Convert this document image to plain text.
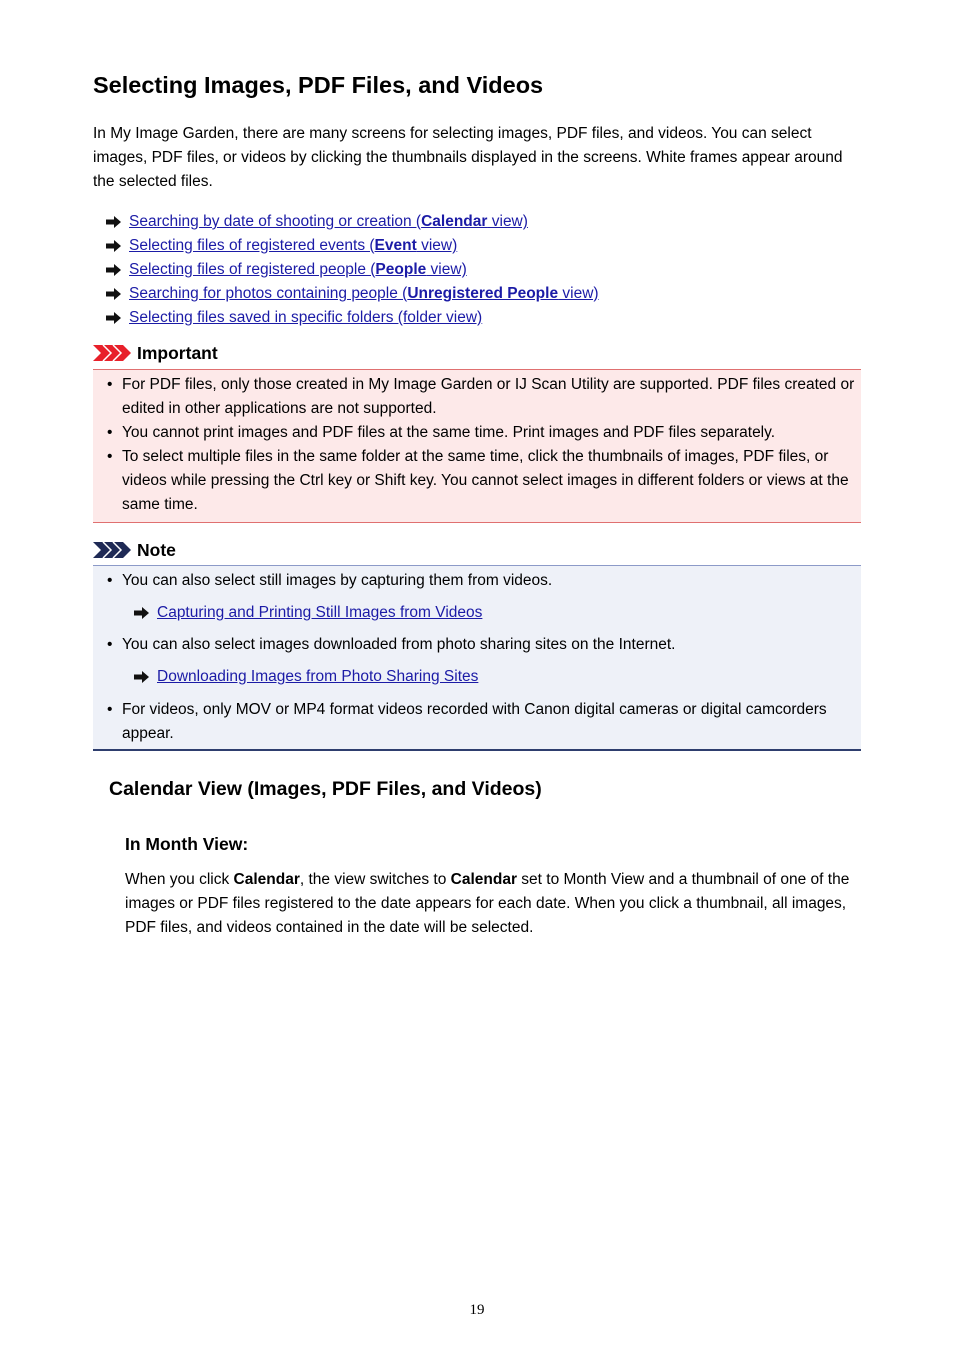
Selecting Images, PDF Files, and Videos

In My Image Garden, there are many screens for selecting images, PDF files, and videos. You can select images, PDF files, or videos by clicking the thumbnails displayed in the screens. White frames appear around the selected files.

Searching by date of shooting or creation (Calendar view)
Selecting files of registered events (Event view)
Selecting files of registered people (People view)
Searching for photos containing people (Unregistered People view)
Selecting files saved in specific folders (folder view)
Important
• For PDF files, only those created in My Image Garden or IJ Scan Utility are supported. PDF files created or edited in other applications are not supported.
• You cannot print images and PDF files at the same time. Print images and PDF files separately.
• To select multiple files in the same folder at the same time, click the thumbnails of images, PDF files, or videos while pressing the Ctrl key or Shift key. You cannot select images in different folders or views at the same time.
Note
• You can also select still images by capturing them from videos.
Capturing and Printing Still Images from Videos
• You can also select images downloaded from photo sharing sites on the Internet.
Downloading Images from Photo Sharing Sites
• For videos, only MOV or MP4 format videos recorded with Canon digital cameras or digital camcorders appear.
Calendar View (Images, PDF Files, and Videos)
In Month View:

When you click Calendar, the view switches to Calendar set to Month View and a thumbnail of one of the images or PDF files registered to the date appears for each date. When you click a thumbnail, all images, PDF files, and videos contained in the date will be selected.

19
